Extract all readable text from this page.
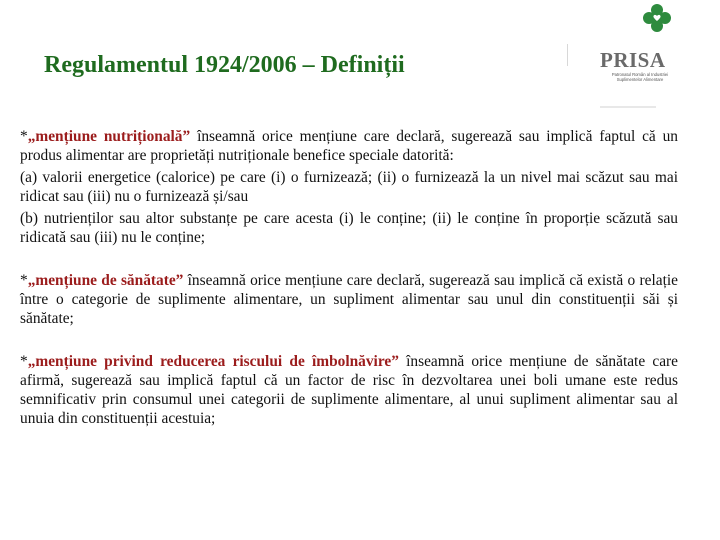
Regulamentul 1924/2006 – Definiții	PRISA
Patronatul Român al Industriei Suplimentelor Alimentare

*„mențiune nutrițională” înseamnă orice mențiune care declară, sugerează sau implică faptul că un produs alimentar are proprietăți nutriționale benefice speciale datorită:

(a) valorii energetice (calorice) pe care (i) o furnizează; (ii) o furnizează la un nivel mai scăzut sau mai ridicat sau (iii) nu o furnizează și/sau

(b) nutrienților sau altor substanțe pe care acesta (i) le conține; (ii) le conține în proporție scăzută sau ridicată sau (iii) nu le conține;

*„mențiune de sănătate” înseamnă orice mențiune care declară, sugerează sau implică că există o relație între o categorie de suplimente alimentare, un supliment alimentar sau unul din constituenții săi și sănătate;

*„mențiune privind reducerea riscului de îmbolnăvire” înseamnă orice mențiune de sănătate care afirmă, sugerează sau implică faptul că un factor de risc în dezvoltarea unei boli umane este redus semnificativ prin consumul unei categorii de suplimente alimentare, al unui supliment alimentar sau al unuia din constituenții acestuia;
